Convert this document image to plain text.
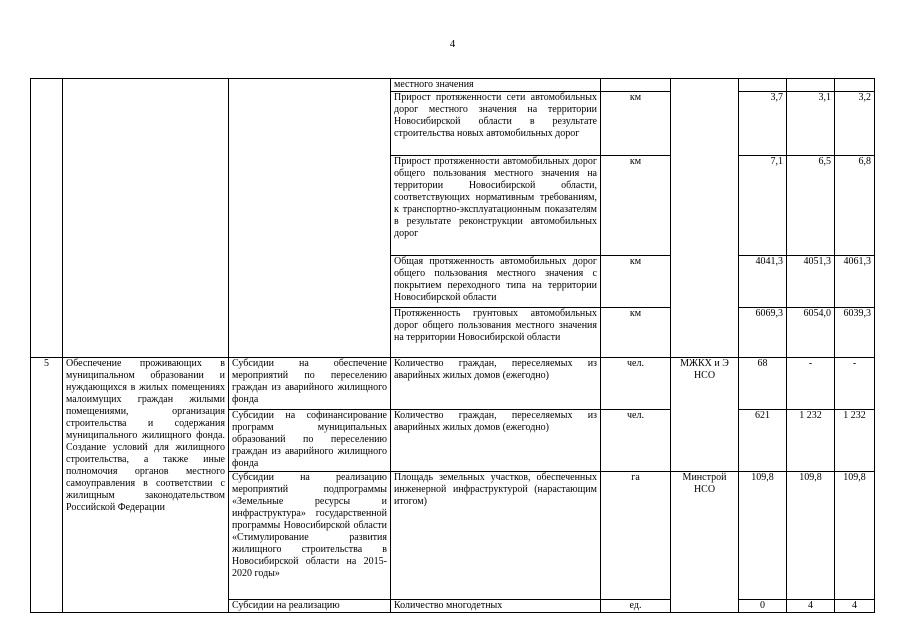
4
			местного значения					
			Прирост протяженности сети автомобильных дорог местного значения на территории Новосибирской области в результате строительства новых автомобильных дорог	км		3,7	3,1	3,2
			Прирост протяженности автомобильных дорог общего пользования местного значения на территории Новосибирской области, соответствующих нормативным требованиям, к транспортно-эксплуатационным показателям в результате реконструкции автомобильных дорог	км		7,1	6,5	6,8
			Общая протяженность автомобильных дорог общего пользования местного значения с покрытием переходного типа на территории Новосибирской области	км		4041,3	4051,3	4061,3
			Протяженность грунтовых автомобильных дорог общего пользования местного значения на территории Новосибирской области	км		6069,3	6054,0	6039,3
5	Обеспечение проживающих в муниципальном образовании и нуждающихся в жилых помещениях малоимущих граждан жилыми помещениями, организация строительства и содержания муниципального жилищного фонда. Создание условий для жилищного строительства, а также иные полномочия органов местного самоуправления в соответствии с жилищным законодательством Российской Федерации	Субсидии на обеспечение мероприятий по переселению граждан из аварийного жилищного фонда	Количество граждан, переселяемых из аварийных жилых домов (ежегодно)	чел.	МЖКХ и Э НСО	68	-	-
		Субсидии на софинансирование программ муниципальных образований по переселению граждан из аварийного жилищного фонда	Количество граждан, переселяемых из аварийных жилых домов (ежегодно)	чел.		621	1 232	1 232
		Субсидии на реализацию мероприятий подпрограммы «Земельные ресурсы и инфраструктура» государственной программы Новосибирской области «Стимулирование развития жилищного строительства в Новосибирской области на 2015-2020 годы»	Площадь земельных участков, обеспеченных инженерной инфраструктурой (нарастающим итогом)	га	Минстрой НСО	109,8	109,8	109,8
		Субсидии на реализацию	Количество многодетных	ед.		0	4	4
